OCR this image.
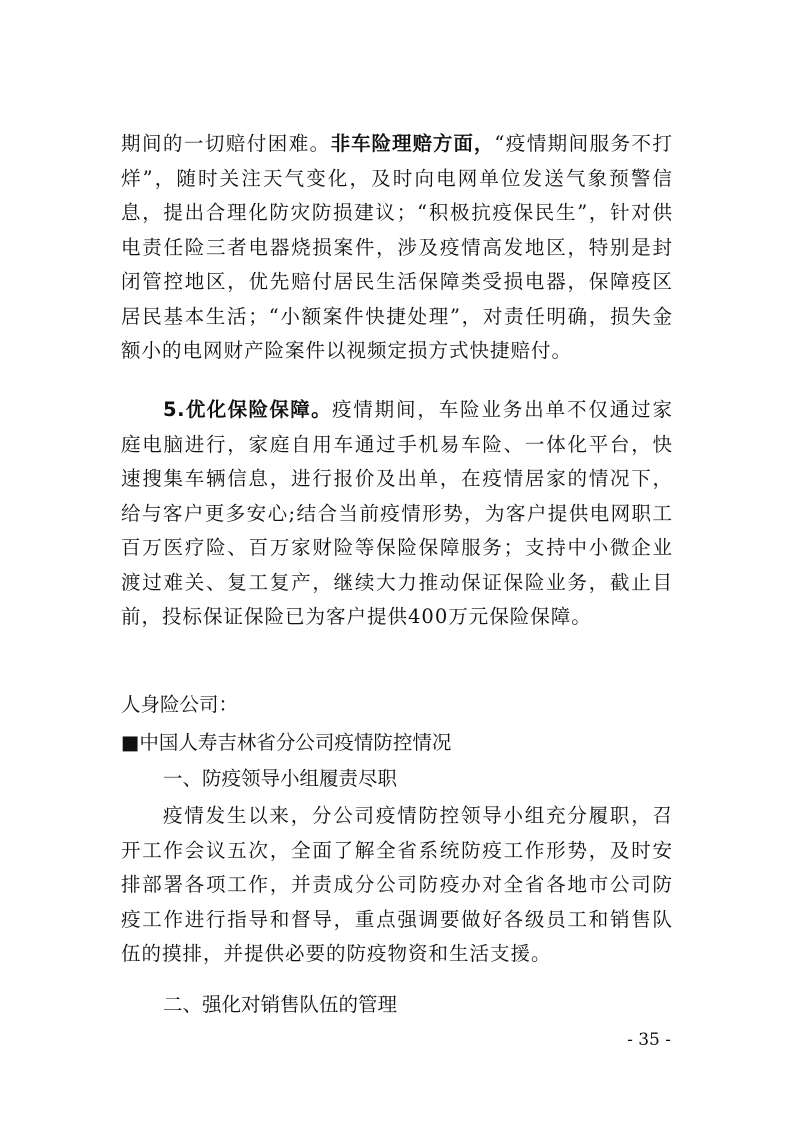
期间的一切赔付困难。非车险理赔方面，“疫情期间服务不打烊”，随时关注天气变化，及时向电网单位发送气象预警信息，提出合理化防灾防损建议；“积极抗疫保民生”，针对供电责任险三者电器烧损案件，涉及疫情高发地区，特别是封闭管控地区，优先赔付居民生活保障类受损电器，保障疫区居民基本生活；“小额案件快捷处理”，对责任明确，损失金额小的电网财产险案件以视频定损方式快捷赔付。

5.优化保险保障。疫情期间，车险业务出单不仅通过家庭电脑进行，家庭自用车通过手机易车险、一体化平台，快速搜集车辆信息，进行报价及出单，在疫情居家的情况下，给与客户更多安心;结合当前疫情形势，为客户提供电网职工百万医疗险、百万家财险等保险保障服务；支持中小微企业渡过难关、复工复产，继续大力推动保证保险业务，截止目前，投标保证保险已为客户提供400万元保险保障。

人身险公司：
■中国人寿吉林省分公司疫情防控情况
一、防疫领导小组履责尽职

疫情发生以来，分公司疫情防控领导小组充分履职，召开工作会议五次，全面了解全省系统防疫工作形势，及时安排部署各项工作，并责成分公司防疫办对全省各地市公司防疫工作进行指导和督导，重点强调要做好各级员工和销售队伍的摸排，并提供必要的防疫物资和生活支援。

二、强化对销售队伍的管理
- 35 -
